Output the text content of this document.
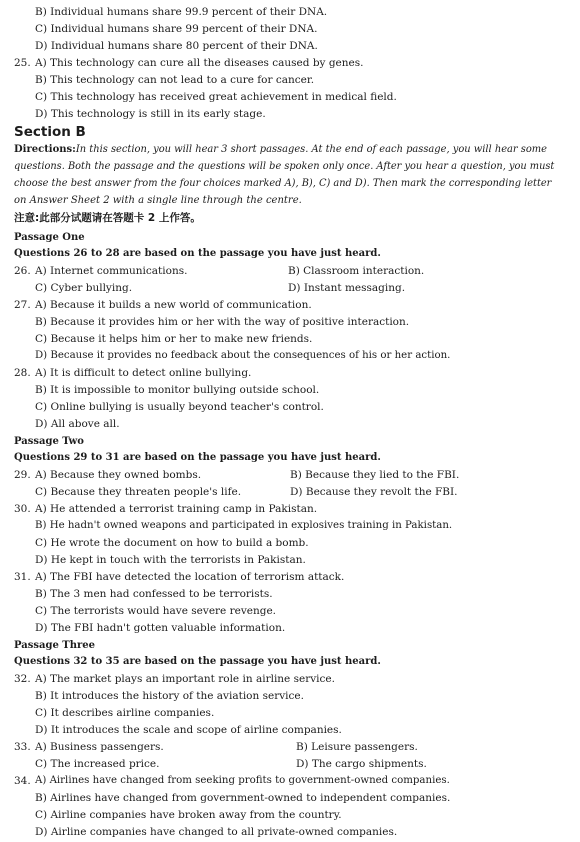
B) Individual humans share 99.9 percent of their DNA.
C) Individual humans share 99 percent of their DNA.
D) Individual humans share 80 percent of their DNA.
25. A) This technology can cure all the diseases caused by genes.
B) This technology can not lead to a cure for cancer.
C) This technology has received great achievement in medical field.
D) This technology is still in its early stage.
Section B
Directions:In this section, you will hear 3 short passages. At the end of each passage, you will hear some
questions. Both the passage and the questions will be spoken only once. After you hear a question, you must
choose the best answer from the four choices marked A), B), C) and D). Then mark the corresponding letter
on Answer Sheet 2 with a single line through the centre.
注意:此部分试题请在答题卡 2 上作答。
Passage One
Questions 26 to 28 are based on the passage you have just heard.
26. A) Internet communications.	B) Classroom interaction.
C) Cyber bullying.	D) Instant messaging.
27. A) Because it builds a new world of communication.
B) Because it provides him or her with the way of positive interaction.
C) Because it helps him or her to make new friends.
D) Because it provides no feedback about the consequences of his or her action.
28. A) It is difficult to detect online bullying.
B) It is impossible to monitor bullying outside school.
C) Online bullying is usually beyond teacher's control.
D) All above all.
Passage Two
Questions 29 to 31 are based on the passage you have just heard.
29. A) Because they owned bombs.	B) Because they lied to the FBI.
C) Because they threaten people's life.	D) Because they revolt the FBI.
30. A) He attended a terrorist training camp in Pakistan.
B) He hadn't owned weapons and participated in explosives training in Pakistan.
C) He wrote the document on how to build a bomb.
D) He kept in touch with the terrorists in Pakistan.
31. A) The FBI have detected the location of terrorism attack.
B) The 3 men had confessed to be terrorists.
C) The terrorists would have severe revenge.
D) The FBI hadn't gotten valuable information.
Passage Three
Questions 32 to 35 are based on the passage you have just heard.
32. A) The market plays an important role in airline service.
B) It introduces the history of the aviation service.
C) It describes airline companies.
D) It introduces the scale and scope of airline companies.
33. A) Business passengers.	B) Leisure passengers.
C) The increased price.	D) The cargo shipments.
34. A) Airlines have changed from seeking profits to government-owned companies.
B) Airlines have changed from government-owned to independent companies.
C) Airline companies have broken away from the country.
D) Airline companies have changed to all private-owned companies.
